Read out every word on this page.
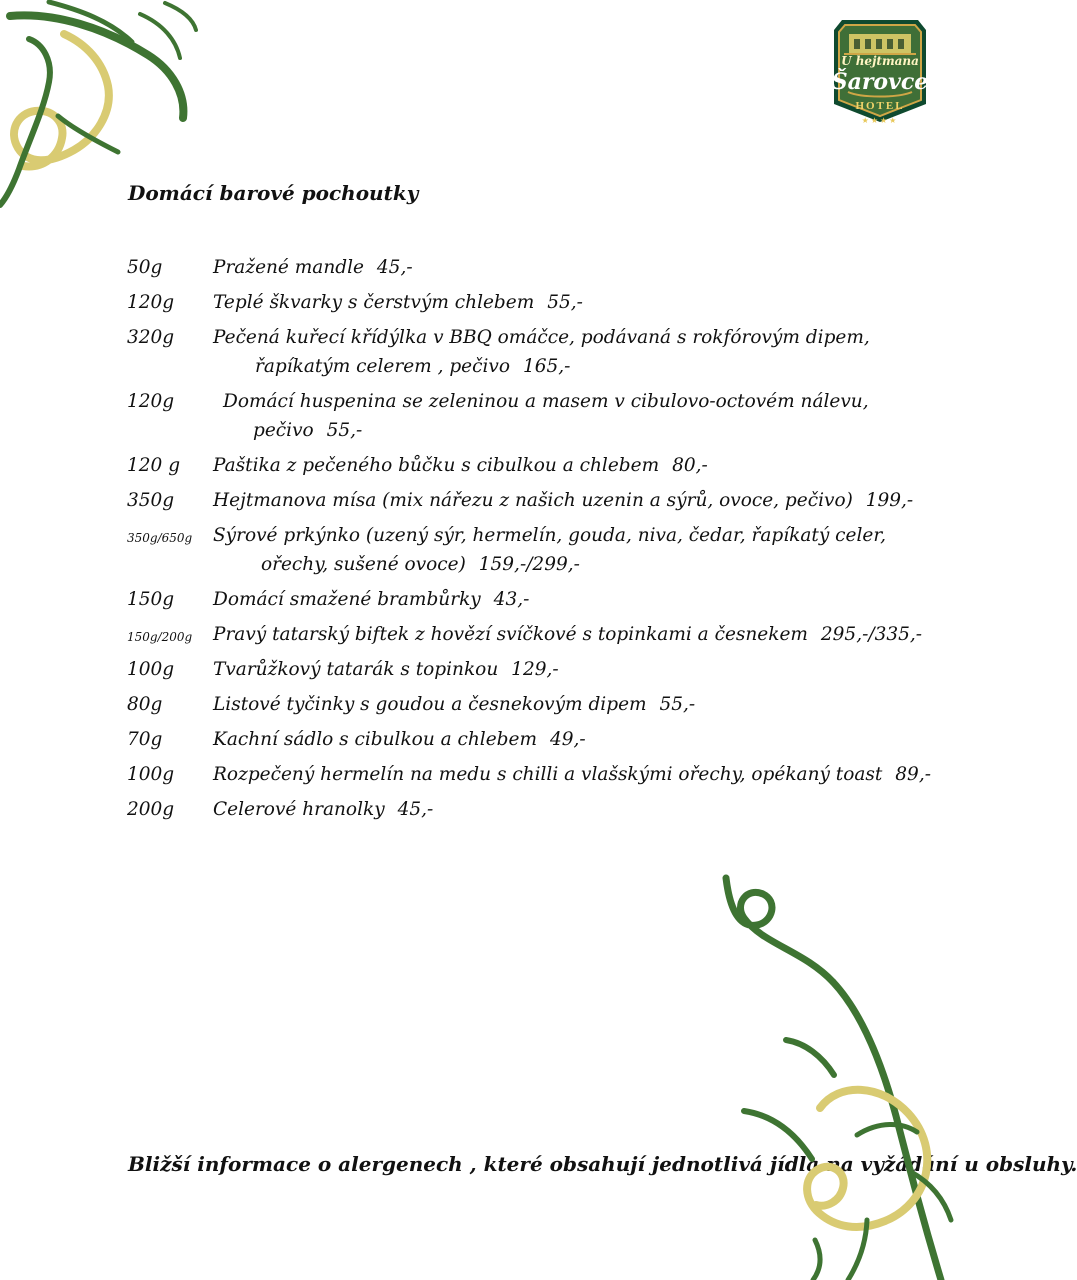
U hejtmana
Šarovce
HOTEL
★★★★
Domácí barové pochoutky
50g	Pražené mandle 45,-
120g Teplé škvarky s čerstvým chlebem 55,-
320g Pečená kuřecí křídýlka v BBQ omáčce, podávaná s rokfórovým dipem,
řapíkatým celerem , pečivo 165,-
120g	Domácí huspenina se zeleninou a masem v cibulovo-octovém nálevu,
pečivo 55,-
120 g Paštika z pečeného bůčku s cibulkou a chlebem 80,-
350g Hejtmanova mísa (mix nářezu z našich uzenin a sýrů, ovoce, pečivo) 199,-
350g/650g Sýrové prkýnko (uzený sýr, hermelín, gouda, niva, čedar, řapíkatý celer,
ořechy, sušené ovoce) 159,-/299,-
150g Domácí smažené brambůrky 43,-
150g/200g Pravý tatarský biftek z hovězí svíčkové s topinkami a česnekem 295,-/335,-
100g Tvarůžkový tatarák s topinkou 129,-
80g	Listové tyčinky s goudou a česnekovým dipem 55,-
70g	Kachní sádlo s cibulkou a chlebem 49,-
100g Rozpečený hermelín na medu s chilli a vlašskými ořechy, opékaný toast 89,-
200g Celerové hranolky 45,-
Bližší informace o alergenech , které obsahují jednotlivá jídla na vyžádání u obsluhy.
